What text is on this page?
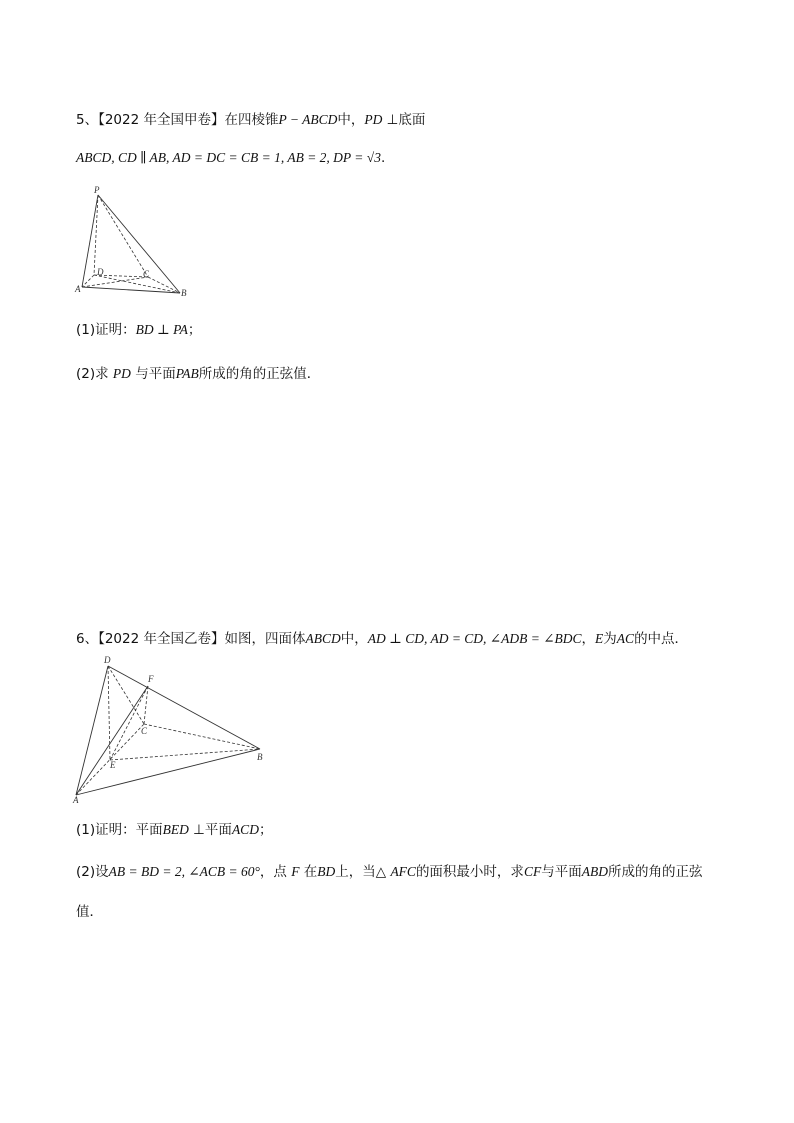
5、【2022 年全国甲卷】在四棱锥P − ABCD中，PD ⊥底面
ABCD, CD ∥ AB, AD = DC = CB = 1, AB = 2, DP = √3.
P
D	C
A	B
(1)证明：BD ⊥ PA；
(2)求 PD 与平面PAB所成的角的正弦值．
6、【2022 年全国乙卷】如图，四面体ABCD中，AD ⊥ CD, AD = CD, ∠ADB = ∠BDC，E为AC的中点．
D
F
C
E
B
A
(1)证明：平面BED ⊥平面ACD；
(2)设AB = BD = 2, ∠ACB = 60°，点 F 在BD上，当△ AFC的面积最小时，求CF与平面ABD所成的角的正弦
值．
